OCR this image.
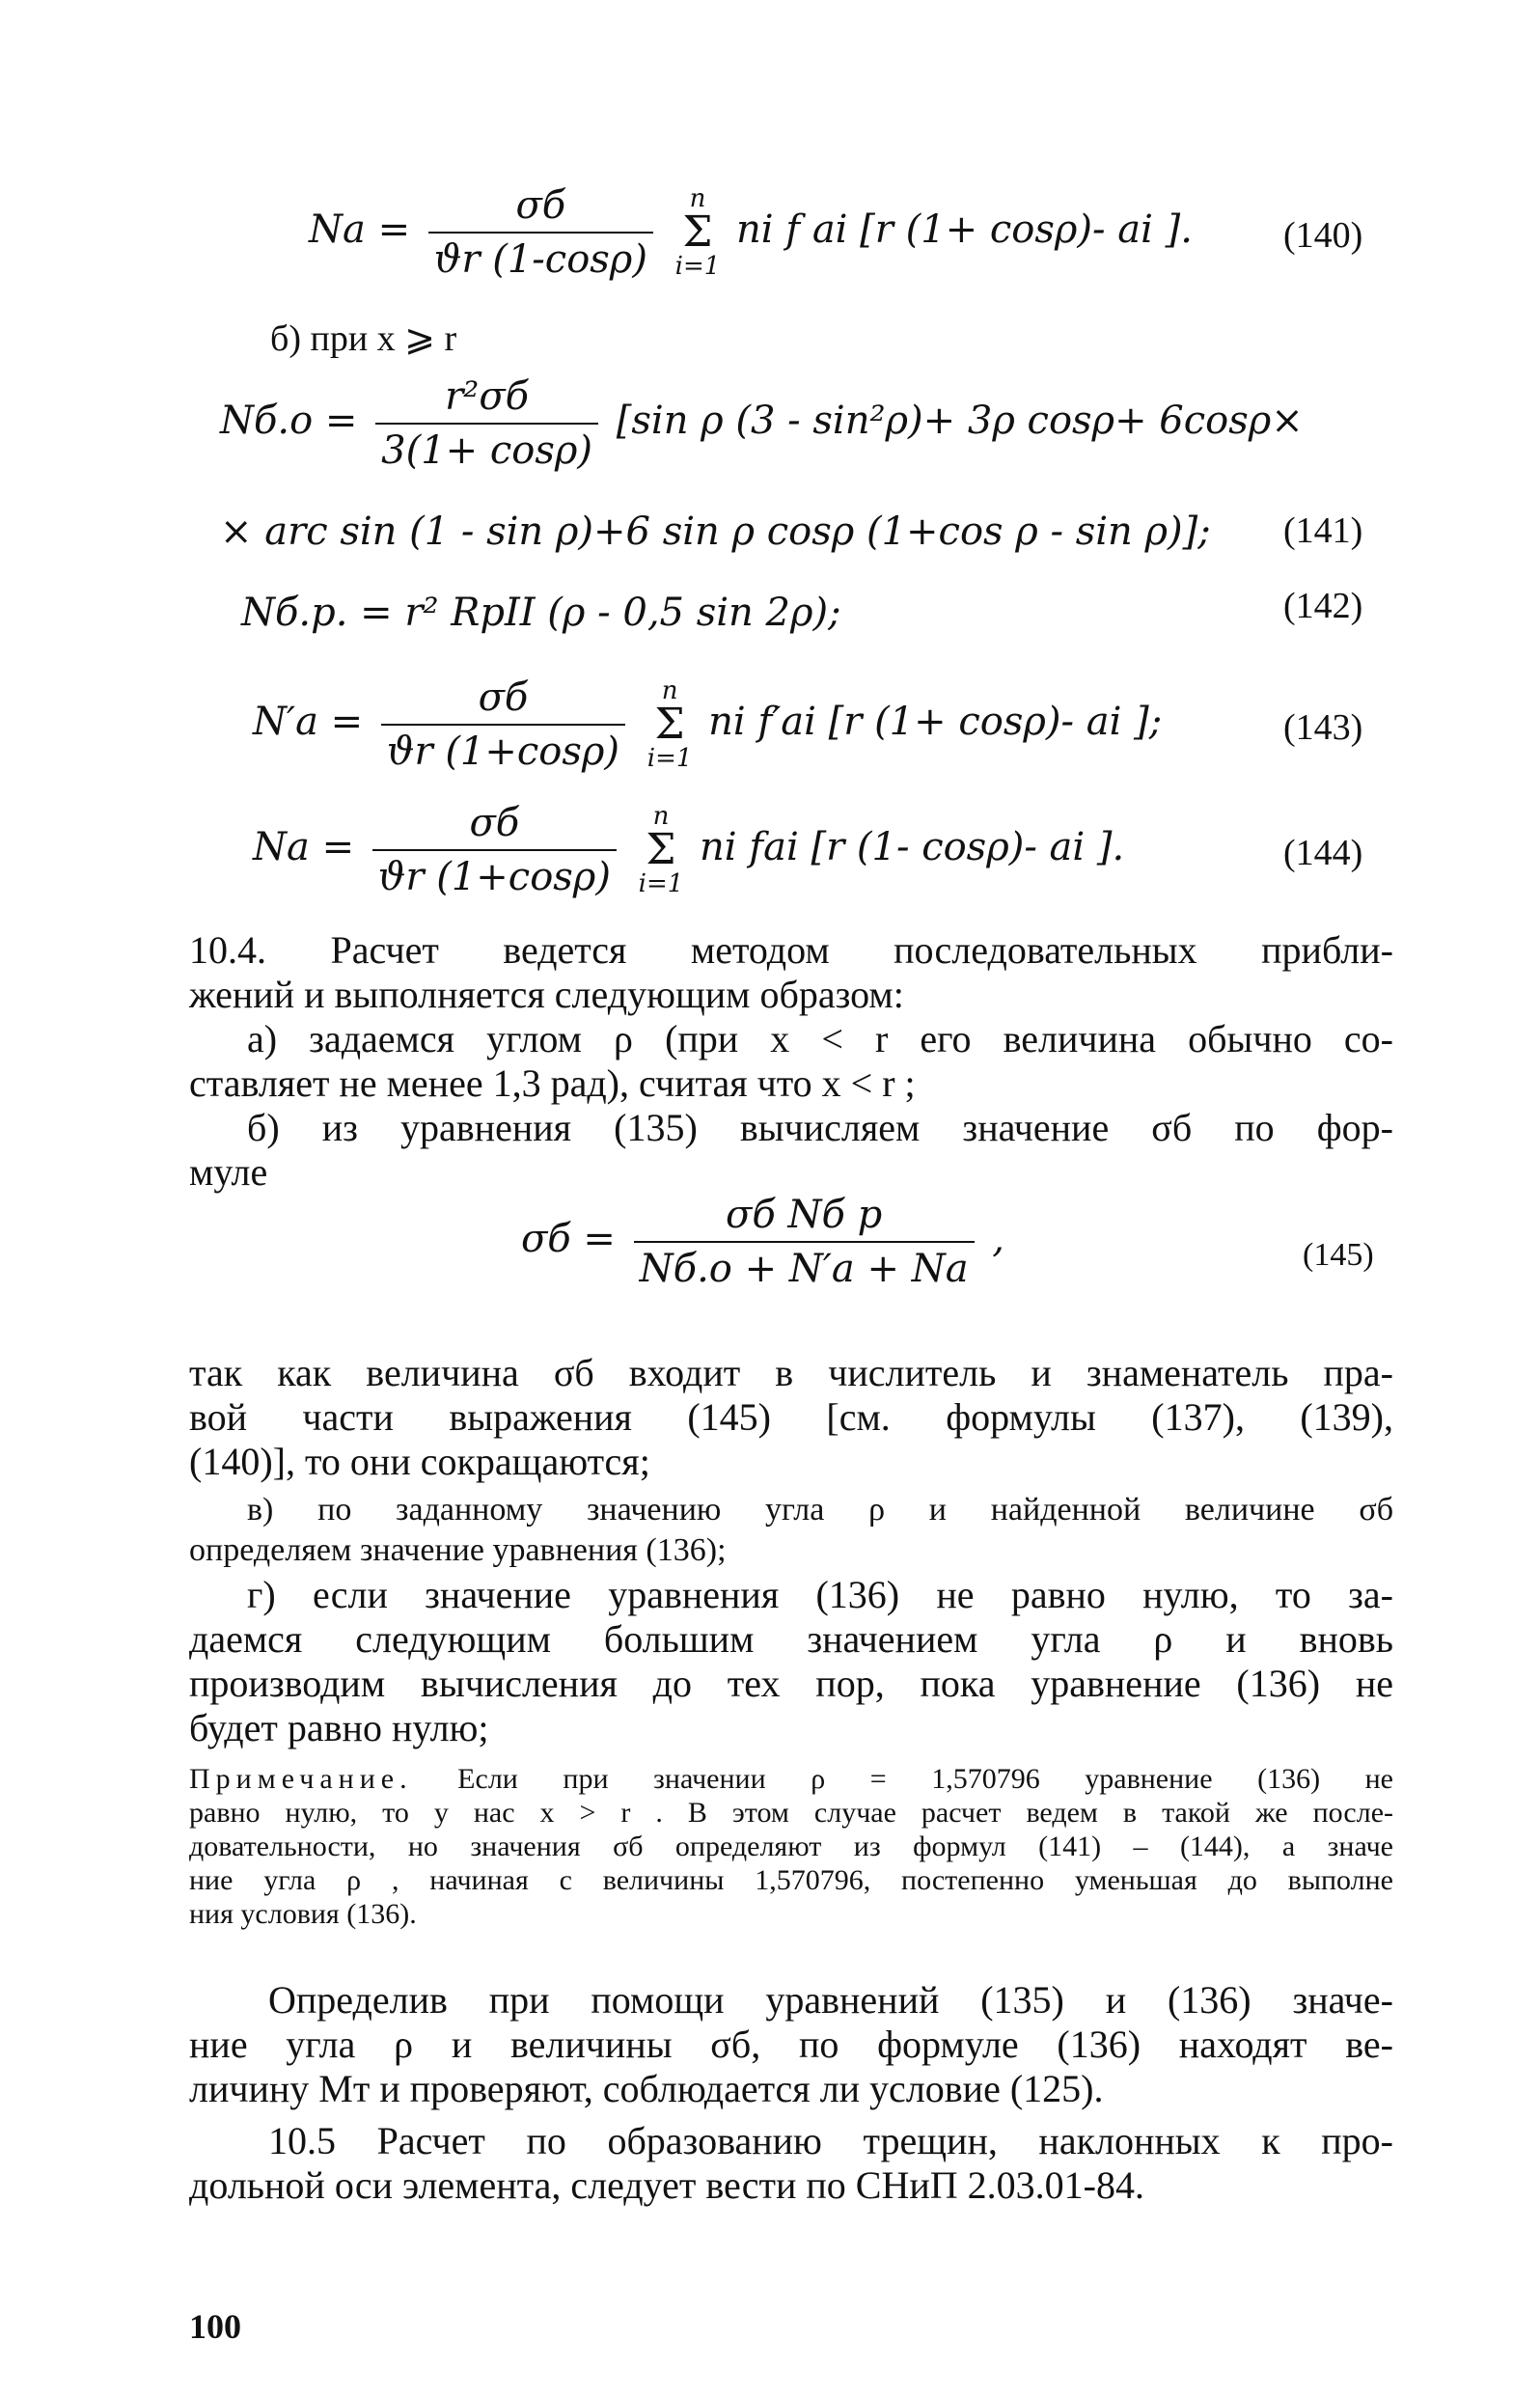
$Na = \frac{\sigma б}{ϑr (1-\cos\rho)}$
	n
Σ
i=1
ni f ai [r (1+ cosρ)- ai ]. (140)
б) при x ⩾ r
$Nб.о = \frac{\text{r²σб}}{3(1+ \cos\rho)} [\sin$ ρ (3 - sin²ρ)+ 3ρ cosρ+ 6cosρ×
× arc sin (1 - sin ρ)+6 sin ρ cosρ (1+cos ρ - sin ρ)]; (141)
Nб.р. = r² RрII (ρ - 0,5 sin 2ρ);	(142)
$N'a = \frac{\sigma б}{ϑr (1+\cos\rho)}$
	n
Σ
i=1
ni f′ai [r (1+ cosρ)- ai ];	(143)
$Na = \frac{\sigma б}{ϑr (1+\cos\rho)}$
	n
Σ
i=1
ni fai [r (1- cosρ)- ai ].	(144)
10.4. Расчет ведется методом последовательных прибли-
жений и выполняется следующим образом:
а) задаемся углом ρ (при x < r его величина обычно со-
ставляет не менее 1,3 рад), считая что x < r ;
б) из уравнения (135) вычисляем значение σб по фор-
муле
$\sigma б = \frac{\text{σб Nб р}}{Nб.о + N'a + Na}$ ,	(145)
так как величина σб входит в числитель и знаменатель пра-
вой части выражения (145) [см. формулы (137), (139),
(140)], то они сокращаются;
в) по заданному значению угла ρ и найденной величине σб
определяем значение уравнения (136);
г) если значение уравнения (136) не равно нулю, то за-
даемся следующим большим значением угла ρ и вновь
производим вычисления до тех пор, пока уравнение (136) не
будет равно нулю;
Примечание. Если при значении ρ = 1,570796 уравнение (136) не
равно нулю, то у нас x > r . В этом случае расчет ведем в такой же после-
довательности, но значения σб определяют из формул (141) – (144), а значе
ние угла ρ , начиная с величины 1,570796, постепенно уменьшая до выполне
ния условия (136).
Определив при помощи уравнений (135) и (136) значе-
ние угла ρ и величины σб, по формуле (136) находят ве-
личину Mт и проверяют, соблюдается ли условие (125).
10.5 Расчет по образованию трещин, наклонных к про-
дольной оси элемента, следует вести по СНиП 2.03.01-84.
100
